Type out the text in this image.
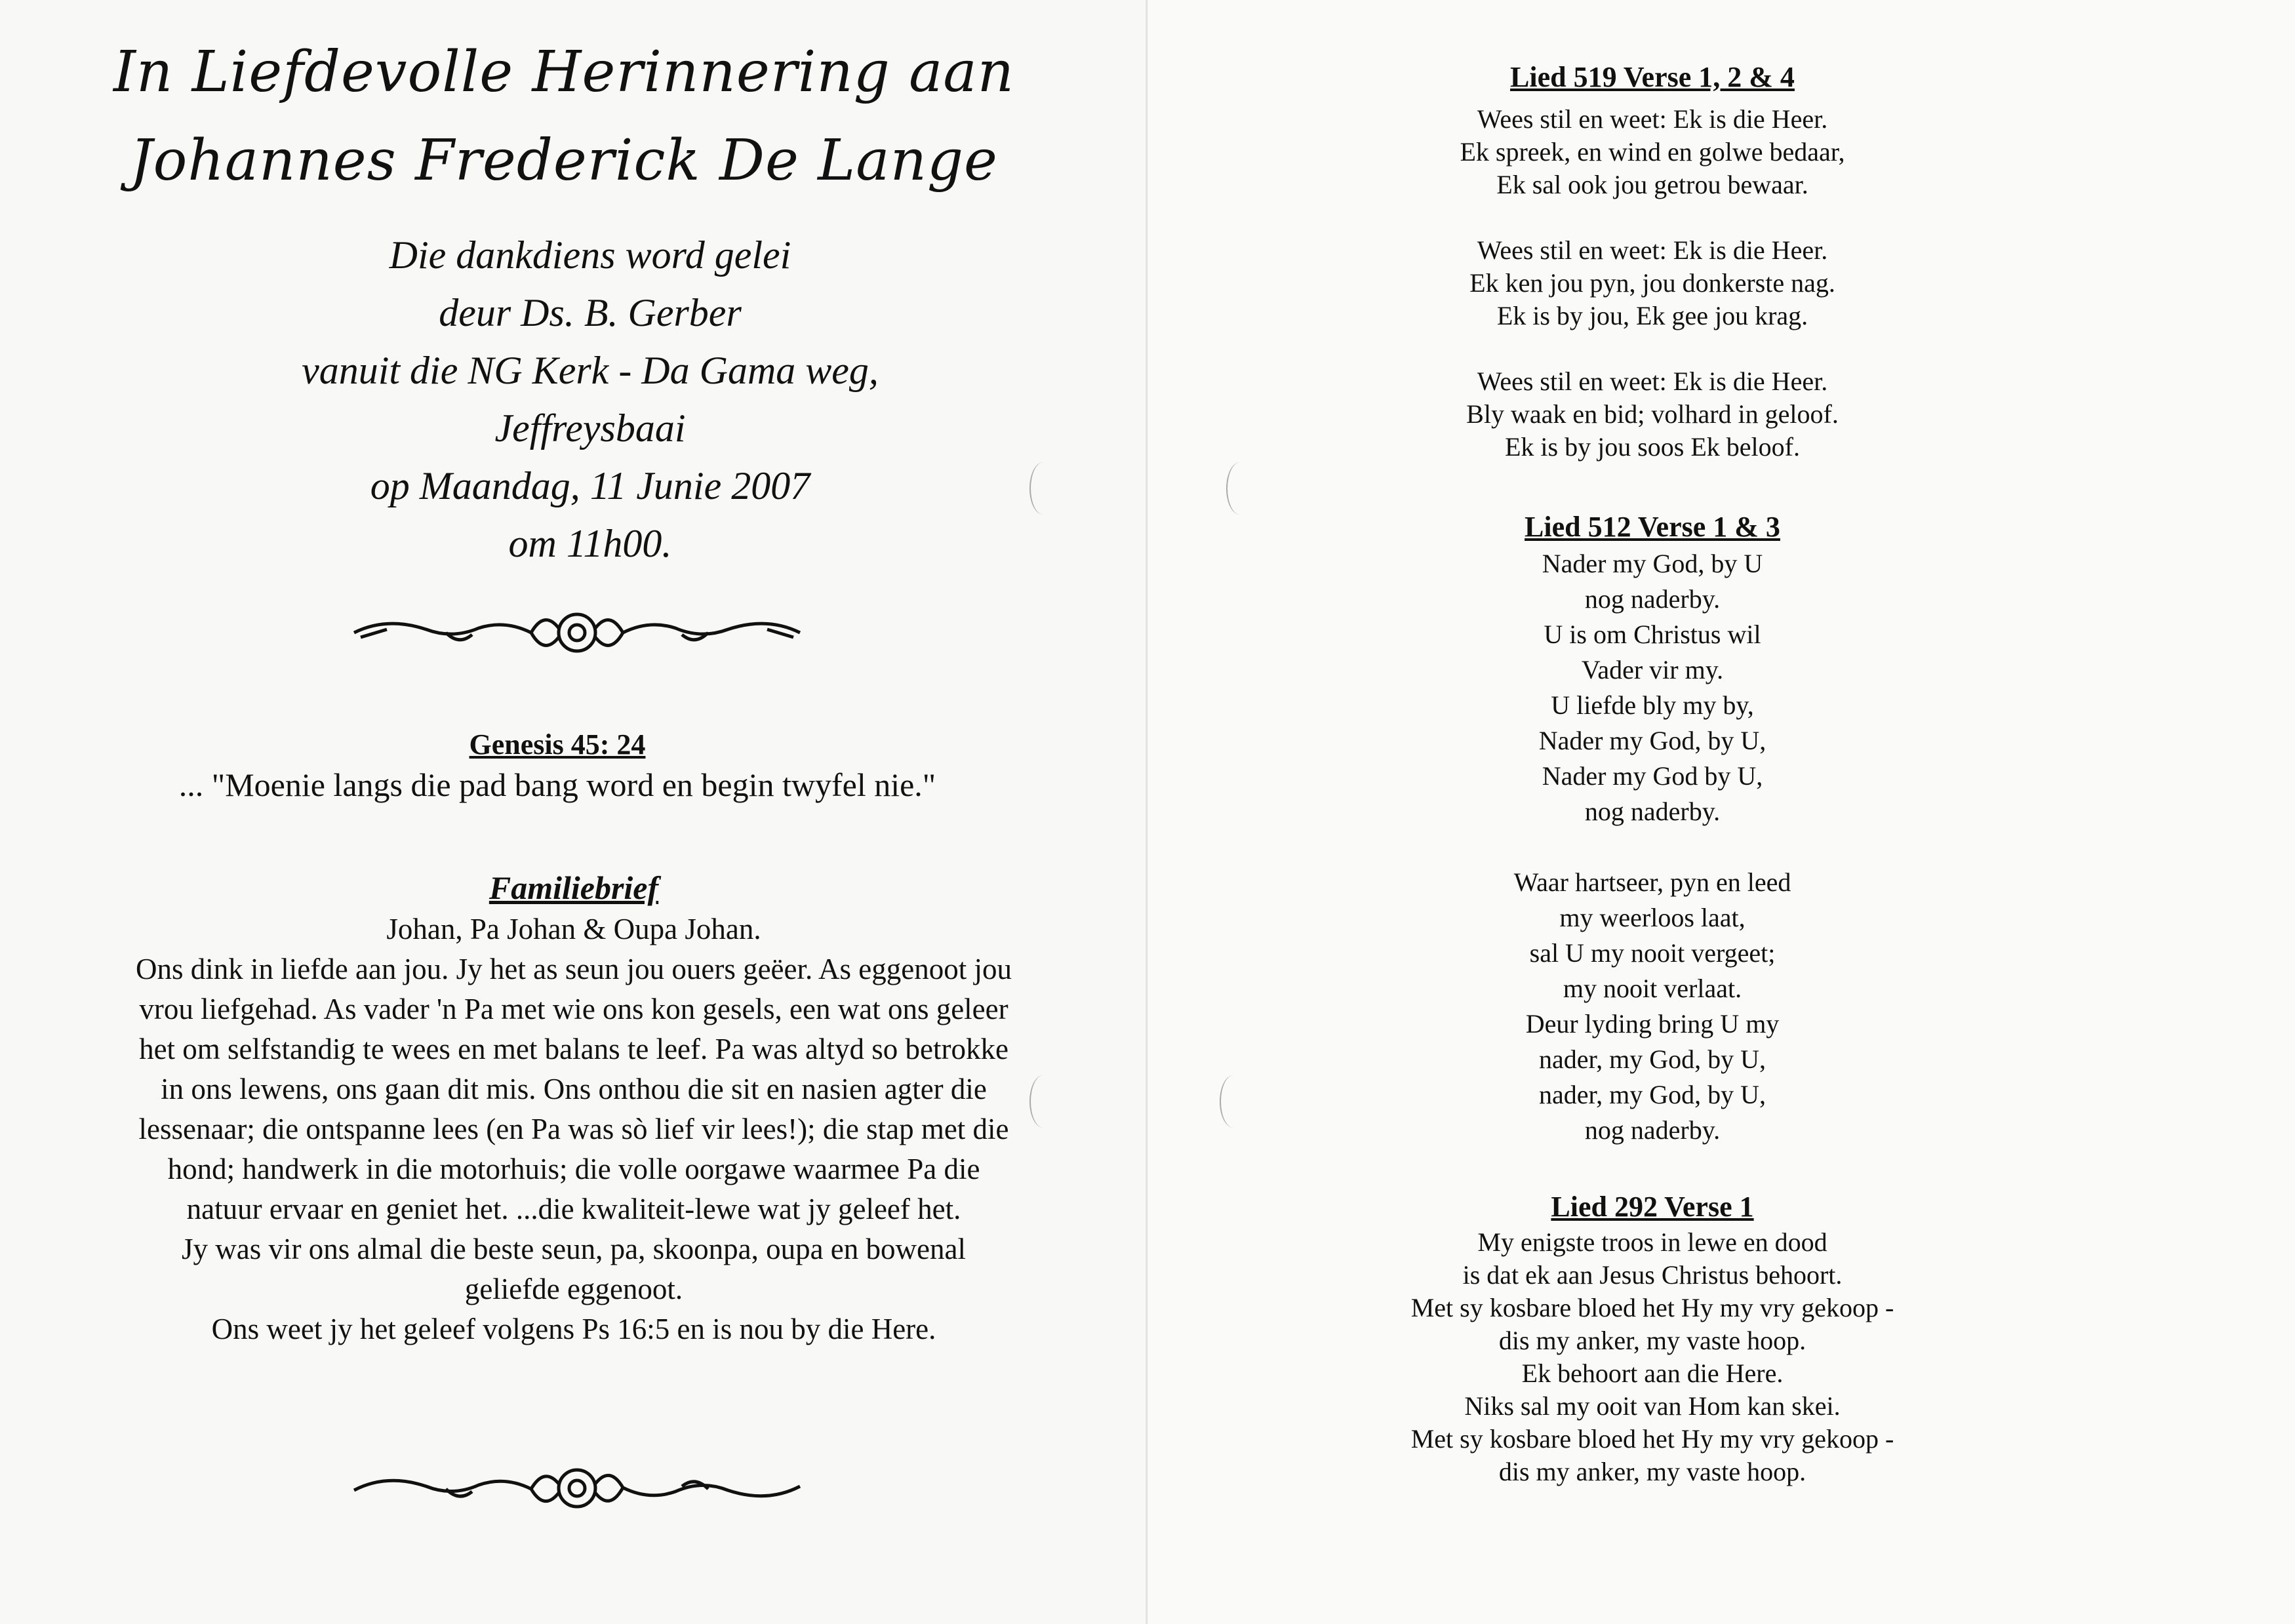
In Liefdevolle Herinnering aan
Johannes Frederick De Lange
Die dankdiens word gelei
deur Ds. B. Gerber
vanuit die NG Kerk - Da Gama weg,
Jeffreysbaai
op Maandag, 11 Junie 2007
om 11h00.
Genesis 45: 24
... "Moenie langs die pad bang word en begin twyfel nie."
Familiebrief
Johan, Pa Johan & Oupa Johan.
Ons dink in liefde aan jou. Jy het as seun jou ouers geëer. As eggenoot jou
vrou liefgehad. As vader 'n Pa met wie ons kon gesels, een wat ons geleer
het om selfstandig te wees en met balans te leef. Pa was altyd so betrokke
in ons lewens, ons gaan dit mis. Ons onthou die sit en nasien agter die
lessenaar; die ontspanne lees (en Pa was sò lief vir lees!); die stap met die
hond; handwerk in die motorhuis; die volle oorgawe waarmee Pa die
natuur ervaar en geniet het. ...die kwaliteit-lewe wat jy geleef het.
Jy was vir ons almal die beste seun, pa, skoonpa, oupa en bowenal
geliefde eggenoot.
Ons weet jy het geleef volgens Ps 16:5 en is nou by die Here.
Lied 519 Verse 1, 2 & 4
Wees stil en weet: Ek is die Heer.
Ek spreek, en wind en golwe bedaar,
Ek sal ook jou getrou bewaar.
Wees stil en weet: Ek is die Heer.
Ek ken jou pyn, jou donkerste nag.
Ek is by jou, Ek gee jou krag.
Wees stil en weet: Ek is die Heer.
Bly waak en bid; volhard in geloof.
Ek is by jou soos Ek beloof.
Lied 512 Verse 1 & 3
Nader my God, by U
nog naderby.
U is om Christus wil
Vader vir my.
U liefde bly my by,
Nader my God, by U,
Nader my God by U,
nog naderby.
Waar hartseer, pyn en leed
my weerloos laat,
sal U my nooit vergeet;
my nooit verlaat.
Deur lyding bring U my
nader, my God, by U,
nader, my God, by U,
nog naderby.
Lied 292 Verse 1
My enigste troos in lewe en dood
is dat ek aan Jesus Christus behoort.
Met sy kosbare bloed het Hy my vry gekoop -
dis my anker, my vaste hoop.
Ek behoort aan die Here.
Niks sal my ooit van Hom kan skei.
Met sy kosbare bloed het Hy my vry gekoop -
dis my anker, my vaste hoop.
